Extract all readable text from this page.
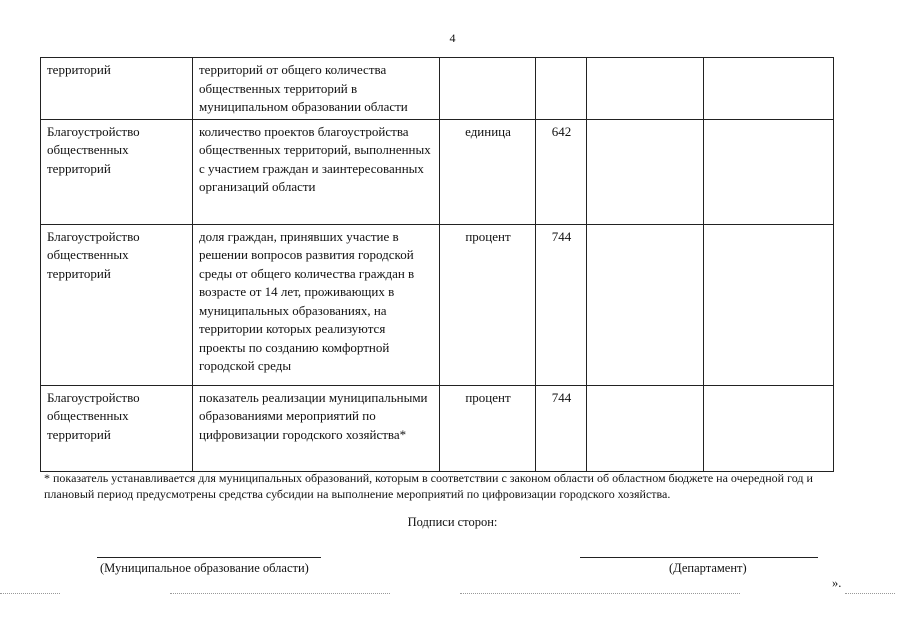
4
территорий	территорий от общего количества общественных территорий в муниципальном образовании области				
Благоустройство общественных территорий	количество проектов благоустройства общественных территорий, выполненных с участием граждан и заинтересованных организаций области	единица	642		
Благоустройство общественных территорий	доля граждан, принявших участие в решении вопросов развития городской среды от общего количества граждан в возрасте от 14 лет, проживающих в муниципальных образованиях, на территории которых реализуются проекты по созданию комфортной городской среды	процент	744		
Благоустройство общественных территорий	показатель реализации муниципальными образованиями мероприятий по цифровизации городского хозяйства*	процент	744		
* показатель устанавливается для муниципальных образований, которым в соответствии с законом области об областном бюджете на очередной год и плановый период предусмотрены средства субсидии на выполнение мероприятий по цифровизации городского хозяйства.
Подписи сторон:
(Муниципальное образование области)	(Департамент)
».
